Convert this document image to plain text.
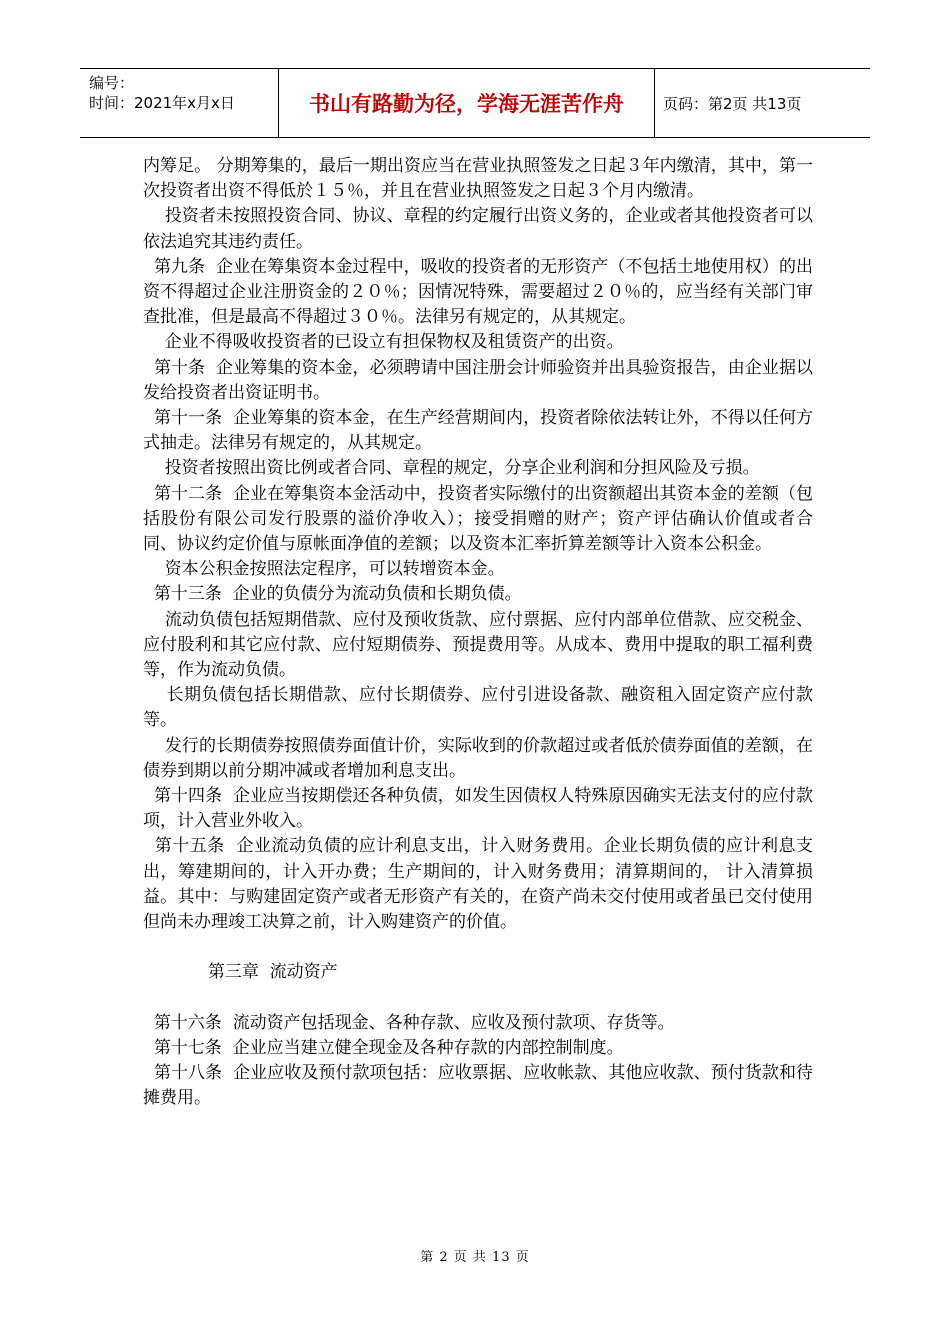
编号：
时间：2021年x月x日	书山有路勤为径，学海无涯苦作舟	页码：第2页 共13页

内筹足。 分期筹集的，最后一期出资应当在营业执照签发之日起３年内缴清，其中，第一次投资者出资不得低於１５％，并且在营业执照签发之日起３个月内缴清。

投资者未按照投资合同、协议、章程的约定履行出资义务的，企业或者其他投资者可以依法追究其违约责任。

第九条  企业在筹集资本金过程中，吸收的投资者的无形资产（不包括土地使用权）的出资不得超过企业注册资金的２０％；因情况特殊，需要超过２０％的，应当经有关部门审查批准，但是最高不得超过３０％。法律另有规定的，从其规定。

企业不得吸收投资者的已设立有担保物权及租赁资产的出资。

第十条  企业筹集的资本金，必须聘请中国注册会计师验资并出具验资报告，由企业据以发给投资者出资证明书。

第十一条  企业筹集的资本金，在生产经营期间内，投资者除依法转让外，不得以任何方式抽走。法律另有规定的，从其规定。

投资者按照出资比例或者合同、章程的规定，分享企业利润和分担风险及亏损。

第十二条  企业在筹集资本金活动中，投资者实际缴付的出资额超出其资本金的差额（包括股份有限公司发行股票的溢价净收入）；接受捐赠的财产；资产评估确认价值或者合同、协议约定价值与原帐面净值的差额；以及资本汇率折算差额等计入资本公积金。

资本公积金按照法定程序，可以转增资本金。

第十三条  企业的负债分为流动负债和长期负债。

流动负债包括短期借款、应付及预收货款、应付票据、应付内部单位借款、应交税金、应付股利和其它应付款、应付短期债券、预提费用等。从成本、费用中提取的职工福利费等，作为流动负债。

长期负债包括长期借款、应付长期债券、应付引进设备款、融资租入固定资产应付款等。

发行的长期债券按照债券面值计价，实际收到的价款超过或者低於债券面值的差额，在债券到期以前分期冲减或者增加利息支出。

第十四条  企业应当按期偿还各种负债，如发生因债权人特殊原因确实无法支付的应付款项，计入营业外收入。

第十五条  企业流动负债的应计利息支出，计入财务费用。企业长期负债的应计利息支出，筹建期间的，计入开办费；生产期间的，计入财务费用；清算期间的， 计入清算损益。其中：与购建固定资产或者无形资产有关的，在资产尚未交付使用或者虽已交付使用但尚未办理竣工决算之前，计入购建资产的价值。

第三章  流动资产

第十六条  流动资产包括现金、各种存款、应收及预付款项、存货等。

第十七条  企业应当建立健全现金及各种存款的内部控制制度。

第十八条  企业应收及预付款项包括：应收票据、应收帐款、其他应收款、预付货款和待摊费用。

第 2 页 共 13 页
